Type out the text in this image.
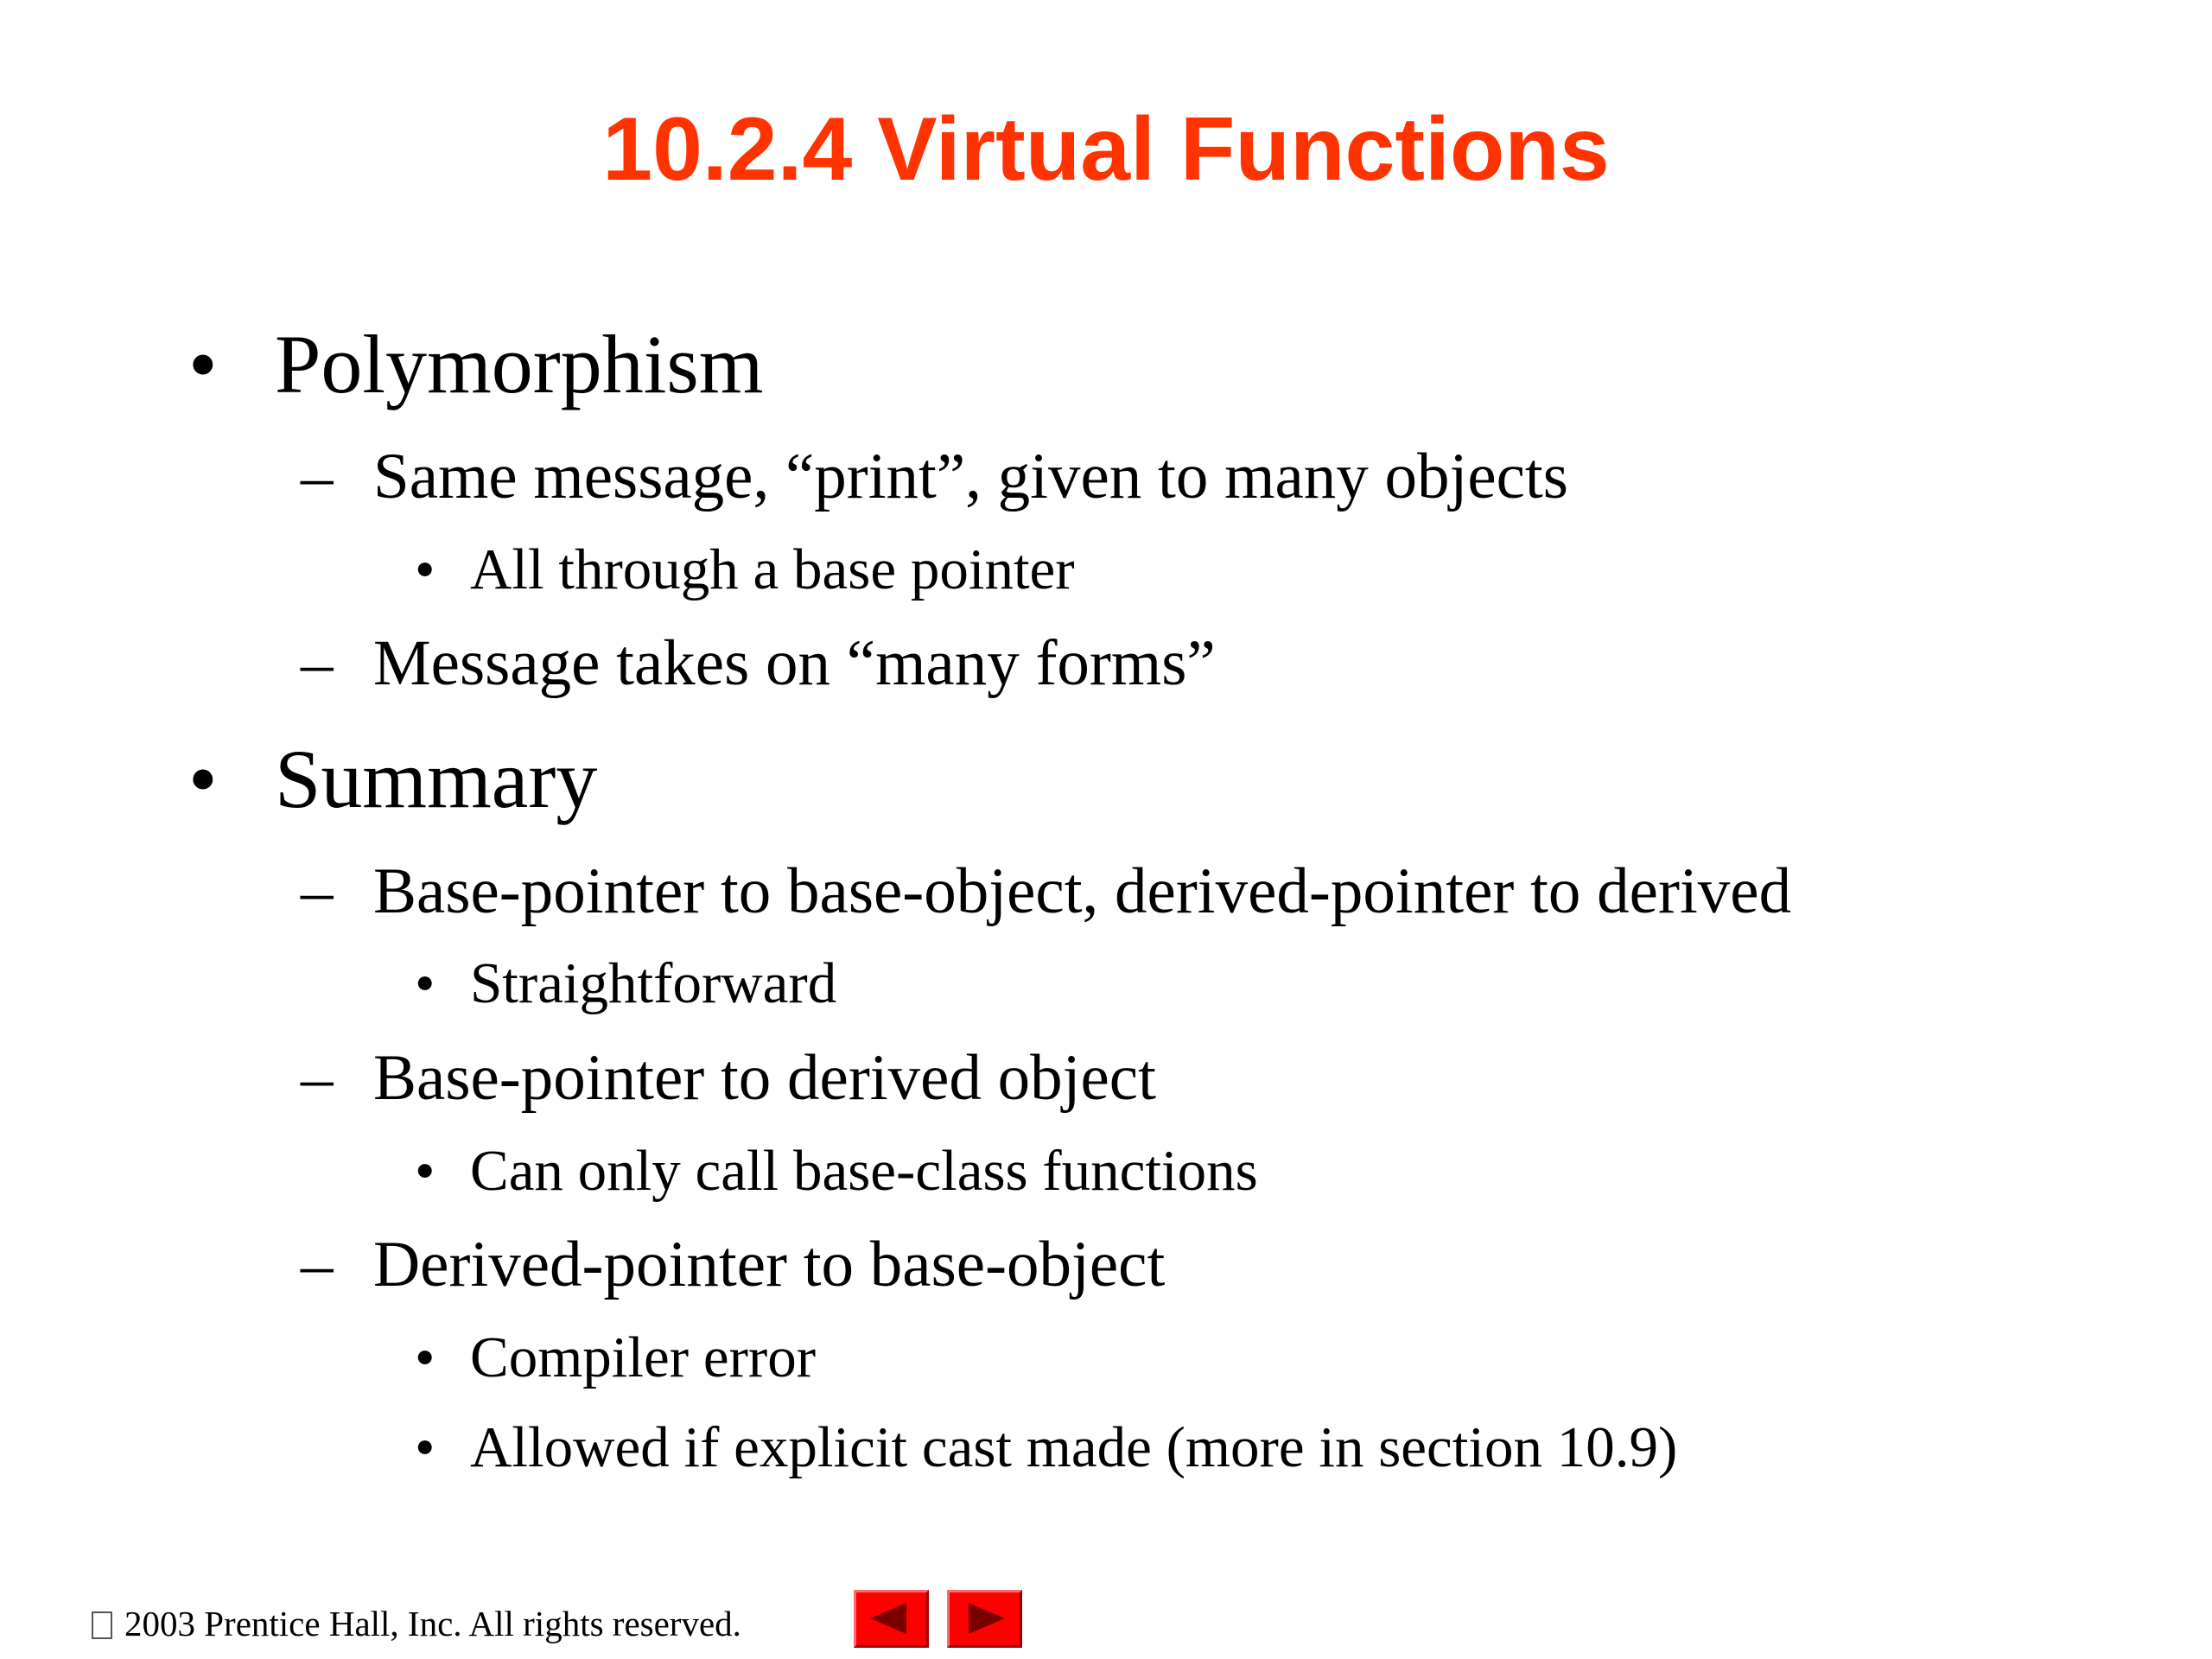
10.2.4 Virtual Functions
• Polymorphism
– Same message, “print”, given to many objects
• All through a base pointer
– Message takes on “many forms”
• Summary
– Base-pointer to base-object, derived-pointer to derived
• Straightforward
– Base-pointer to derived object
• Can only call base-class functions
– Derived-pointer to base-object
• Compiler error
• Allowed if explicit cast made (more in section 10.9)
2003 Prentice Hall, Inc. All rights reserved.
